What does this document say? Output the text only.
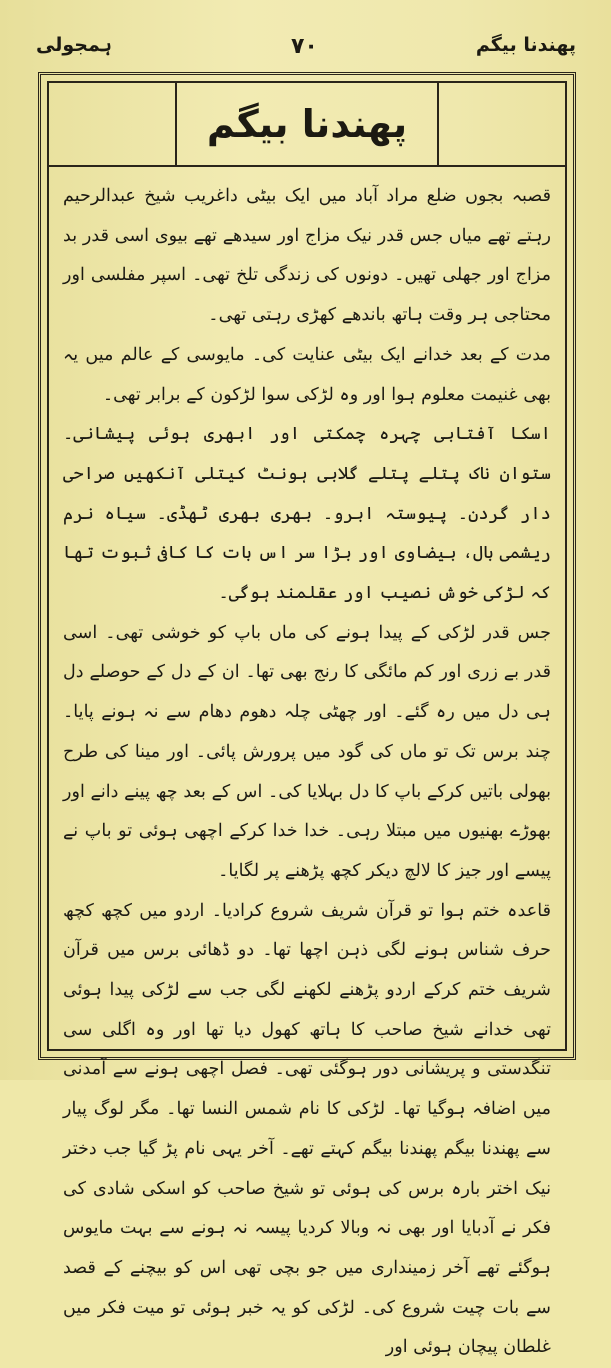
ہمجولی	۷۰	پھندنا بیگم
پھندنا بیگم

قصبہ بجوں ضلع مراد آباد میں ایک بیٹی داغریب شیخ عبدالرحیم رہتے تھے میاں جس قدر نیک مزاج اور سیدھے تھے بیوی اسی قدر بد مزاج اور جھلی تھیں۔ دونوں کی زندگی تلخ تھی۔ اسپر مفلسی اور محتاجی ہر وقت ہاتھ باندھے کھڑی رہتی تھی۔

مدت کے بعد خدانے ایک بیٹی عنایت کی۔ مایوسی کے عالم میں یہ بھی غنیمت معلوم ہوا اور وہ لڑکی سوا لڑکون کے برابر تھی۔

اسکا آفتابی چہرہ چمکتی اور ابھری ہوئی پیشانی۔ ستوان ناک پتلے پتلے گلابی ہونٹ کیتلی آنکھیں صراحی دار گردن۔ پیوستہ ابرو۔ بھری بھری ٹھڈی۔ سیاہ نرم ریشمی بال، بیضاوی اور بڑا سر اس بات کا کافی ثبوت تھا کہ لڑکی خوش نصیب اور عقلمند ہوگی۔

جس قدر لڑکی کے پیدا ہونے کی ماں باپ کو خوشی تھی۔ اسی قدر بے زری اور کم مائگی کا رنج بھی تھا۔ ان کے دل کے حوصلے دل ہی دل میں رہ گئے۔ اور چھٹی چلہ دھوم دھام سے نہ ہونے پایا۔ چند برس تک تو ماں کی گود میں پرورش پائی۔ اور مینا کی طرح بھولی باتیں کرکے باپ کا دل بہلایا کی۔ اس کے بعد چھ پینے دانے اور بھوڑے بھنیوں میں مبتلا رہی۔ خدا خدا کرکے اچھی ہوئی تو باپ نے پیسے اور جیز کا لالچ دیکر کچھ پڑھنے پر لگایا۔

قاعدہ ختم ہوا تو قرآن شریف شروع کرادیا۔ اردو میں کچھ کچھ حرف شناس ہونے لگی ذہن اچھا تھا۔ دو ڈھائی برس میں قرآن شریف ختم کرکے اردو پڑھنے لکھنے لگی جب سے لڑکی پیدا ہوئی تھی خدانے شیخ صاحب کا ہاتھ کھول دیا تھا اور وہ اگلی سی تنگدستی و پریشانی دور ہوگئی تھی۔ فصل اچھی ہونے سے آمدنی میں اضافہ ہوگیا تھا۔ لڑکی کا نام شمس النسا تھا۔ مگر لوگ پیار سے پھندنا بیگم پھندنا بیگم کہتے تھے۔ آخر یہی نام پڑ گیا جب دختر نیک اختر بارہ برس کی ہوئی تو شیخ صاحب کو اسکی شادی کی فکر نے آدبایا اور بھی نہ وبالا کردیا پیسہ نہ ہونے سے بہت مایوس ہوگئے تھے آخر زمینداری میں جو بچی تھی اس کو بیچنے کے قصد سے بات چیت شروع کی۔ لڑکی کو یہ خبر ہوئی تو میت فکر میں غلطان پیچان ہوئی اور
